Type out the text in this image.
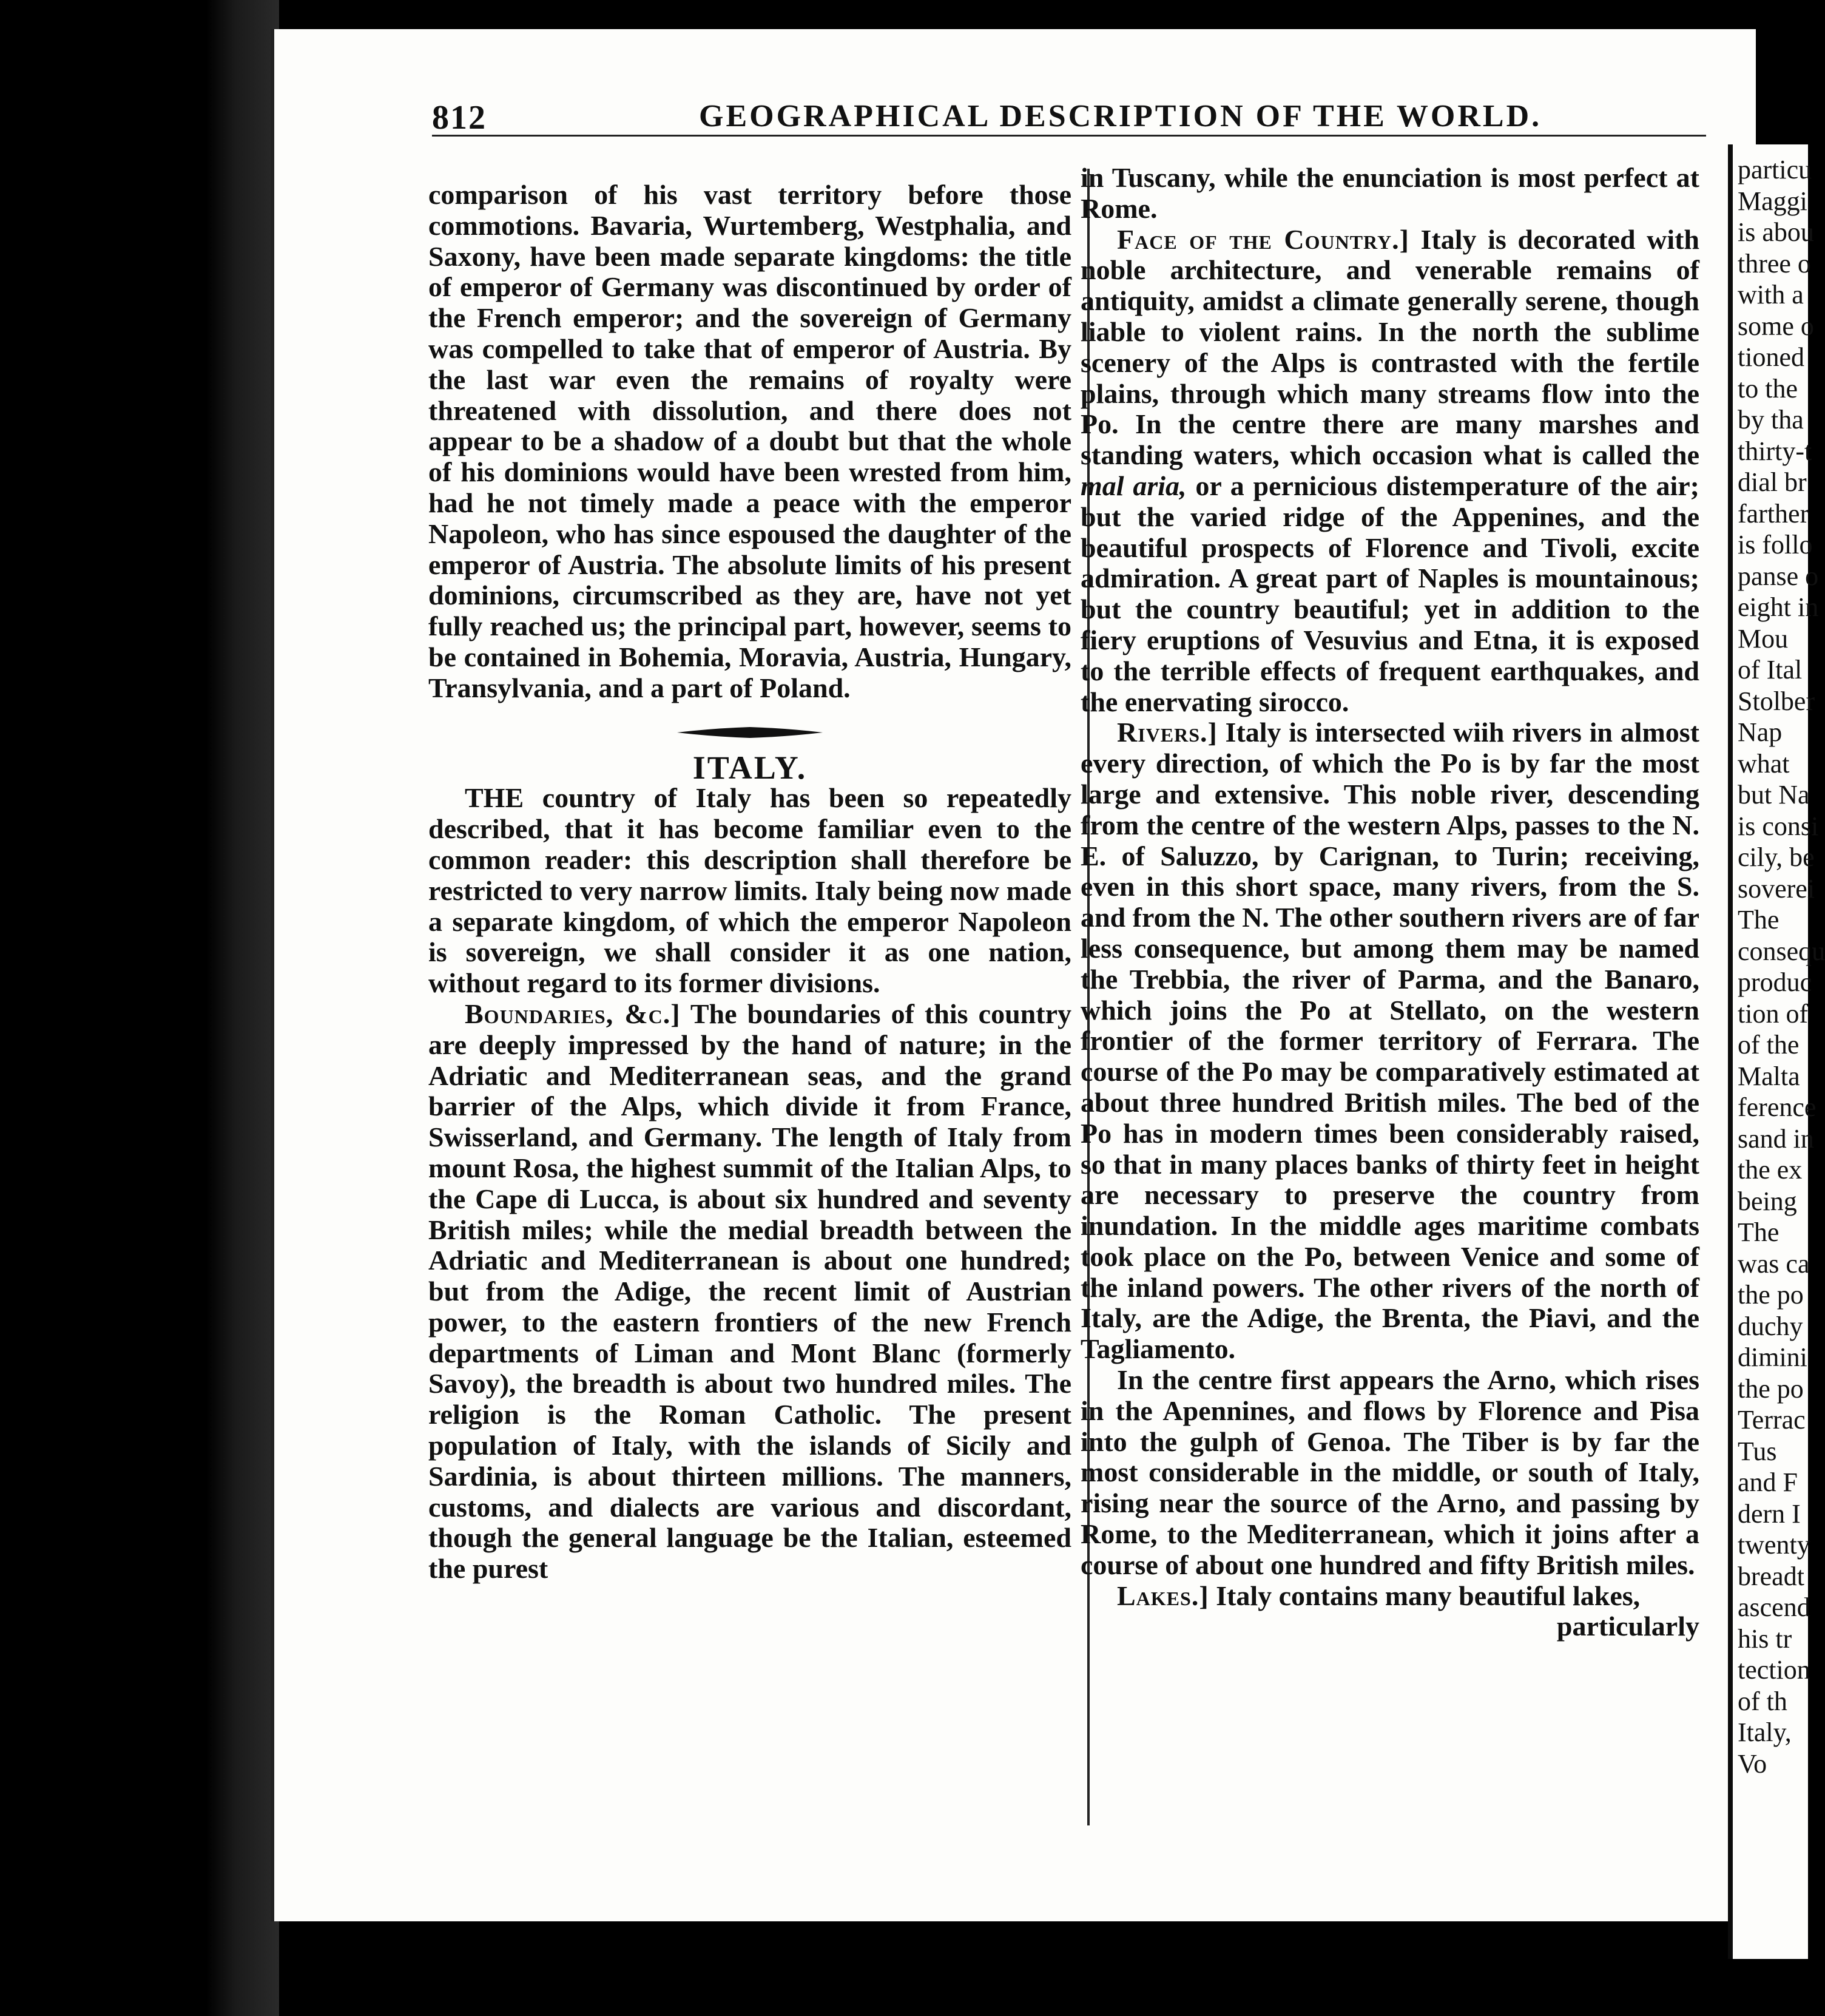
812	GEOGRAPHICAL DESCRIPTION OF THE WORLD.

comparison of his vast territory before those commotions. Bavaria, Wurtemberg, Westphalia, and Saxony, have been made separate kingdoms: the title of emperor of Germany was discontinued by order of the French emperor; and the sovereign of Germany was compelled to take that of emperor of Austria. By the last war even the remains of royalty were threatened with dissolution, and there does not appear to be a shadow of a doubt but that the whole of his dominions would have been wrested from him, had he not timely made a peace with the emperor Napoleon, who has since espoused the daughter of the emperor of Austria. The absolute limits of his present dominions, circumscribed as they are, have not yet fully reached us; the principal part, however, seems to be contained in Bohemia, Moravia, Austria, Hungary, Transylvania, and a part of Poland.

ITALY.

THE country of Italy has been so repeatedly described, that it has become familiar even to the common reader: this description shall therefore be restricted to very narrow limits. Italy being now made a separate kingdom, of which the emperor Napoleon is sovereign, we shall consider it as one nation, without regard to its former divisions.

Boundaries, &c.] The boundaries of this country are deeply impressed by the hand of nature; in the Adriatic and Mediterranean seas, and the grand barrier of the Alps, which divide it from France, Swisserland, and Germany. The length of Italy from mount Rosa, the highest summit of the Italian Alps, to the Cape di Lucca, is about six hundred and seventy British miles; while the medial breadth between the Adriatic and Mediterranean is about one hundred; but from the Adige, the recent limit of Austrian power, to the eastern frontiers of the new French departments of Liman and Mont Blanc (formerly Savoy), the breadth is about two hundred miles. The religion is the Roman Catholic. The present population of Italy, with the islands of Sicily and Sardinia, is about thirteen millions. The manners, customs, and dialects are various and discordant, though the general language be the Italian, esteemed the purest

in Tuscany, while the enunciation is most perfect at Rome.

Face of the Country.] Italy is decorated with noble architecture, and venerable remains of antiquity, amidst a climate generally serene, though liable to violent rains. In the north the sublime scenery of the Alps is contrasted with the fertile plains, through which many streams flow into the Po. In the centre there are many marshes and standing waters, which occasion what is called the mal aria, or a pernicious distemperature of the air; but the varied ridge of the Appenines, and the beautiful prospects of Florence and Tivoli, excite admiration. A great part of Naples is mountainous; but the country beautiful; yet in addition to the fiery eruptions of Vesuvius and Etna, it is exposed to the terrible effects of frequent earthquakes, and the enervating sirocco.

Rivers.] Italy is intersected wiih rivers in almost every direction, of which the Po is by far the most large and extensive. This noble river, descending from the centre of the western Alps, passes to the N. E. of Saluzzo, by Carignan, to Turin; receiving, even in this short space, many rivers, from the S. and from the N. The other southern rivers are of far less consequence, but among them may be named the Trebbia, the river of Parma, and the Banaro, which joins the Po at Stellato, on the western frontier of the former territory of Ferrara. The course of the Po may be comparatively estimated at about three hundred British miles. The bed of the Po has in modern times been considerably raised, so that in many places banks of thirty feet in height are necessary to preserve the country from inundation. In the middle ages maritime combats took place on the Po, between Venice and some of the inland powers. The other rivers of the north of Italy, are the Adige, the Brenta, the Piavi, and the Tagliamento.

In the centre first appears the Arno, which rises in the Apennines, and flows by Florence and Pisa into the gulph of Genoa. The Tiber is by far the most considerable in the middle, or south of Italy, rising near the source of the Arno, and passing by Rome, to the Mediterranean, which it joins after a course of about one hundred and fifty British miles.

Lakes.] Italy contains many beautiful lakes,
particularly

particu
Maggi
is abou
three o
with a
some o
tioned
to the
by tha
thirty-t
dial br
farther
is follo
panse o
eight in
Mou
of Ital
Stolber
Nap
what
but Na
is consi
cily, be
soverei
The
consequ
produc
tion of
of the
Malta
ference
sand in
the ex
being
The
was ca
the po
duchy
dimini
the po
Terrac
Tus
and F
dern I
twenty
breadt
ascend
his tr
tection
of th
Italy,
Vo
